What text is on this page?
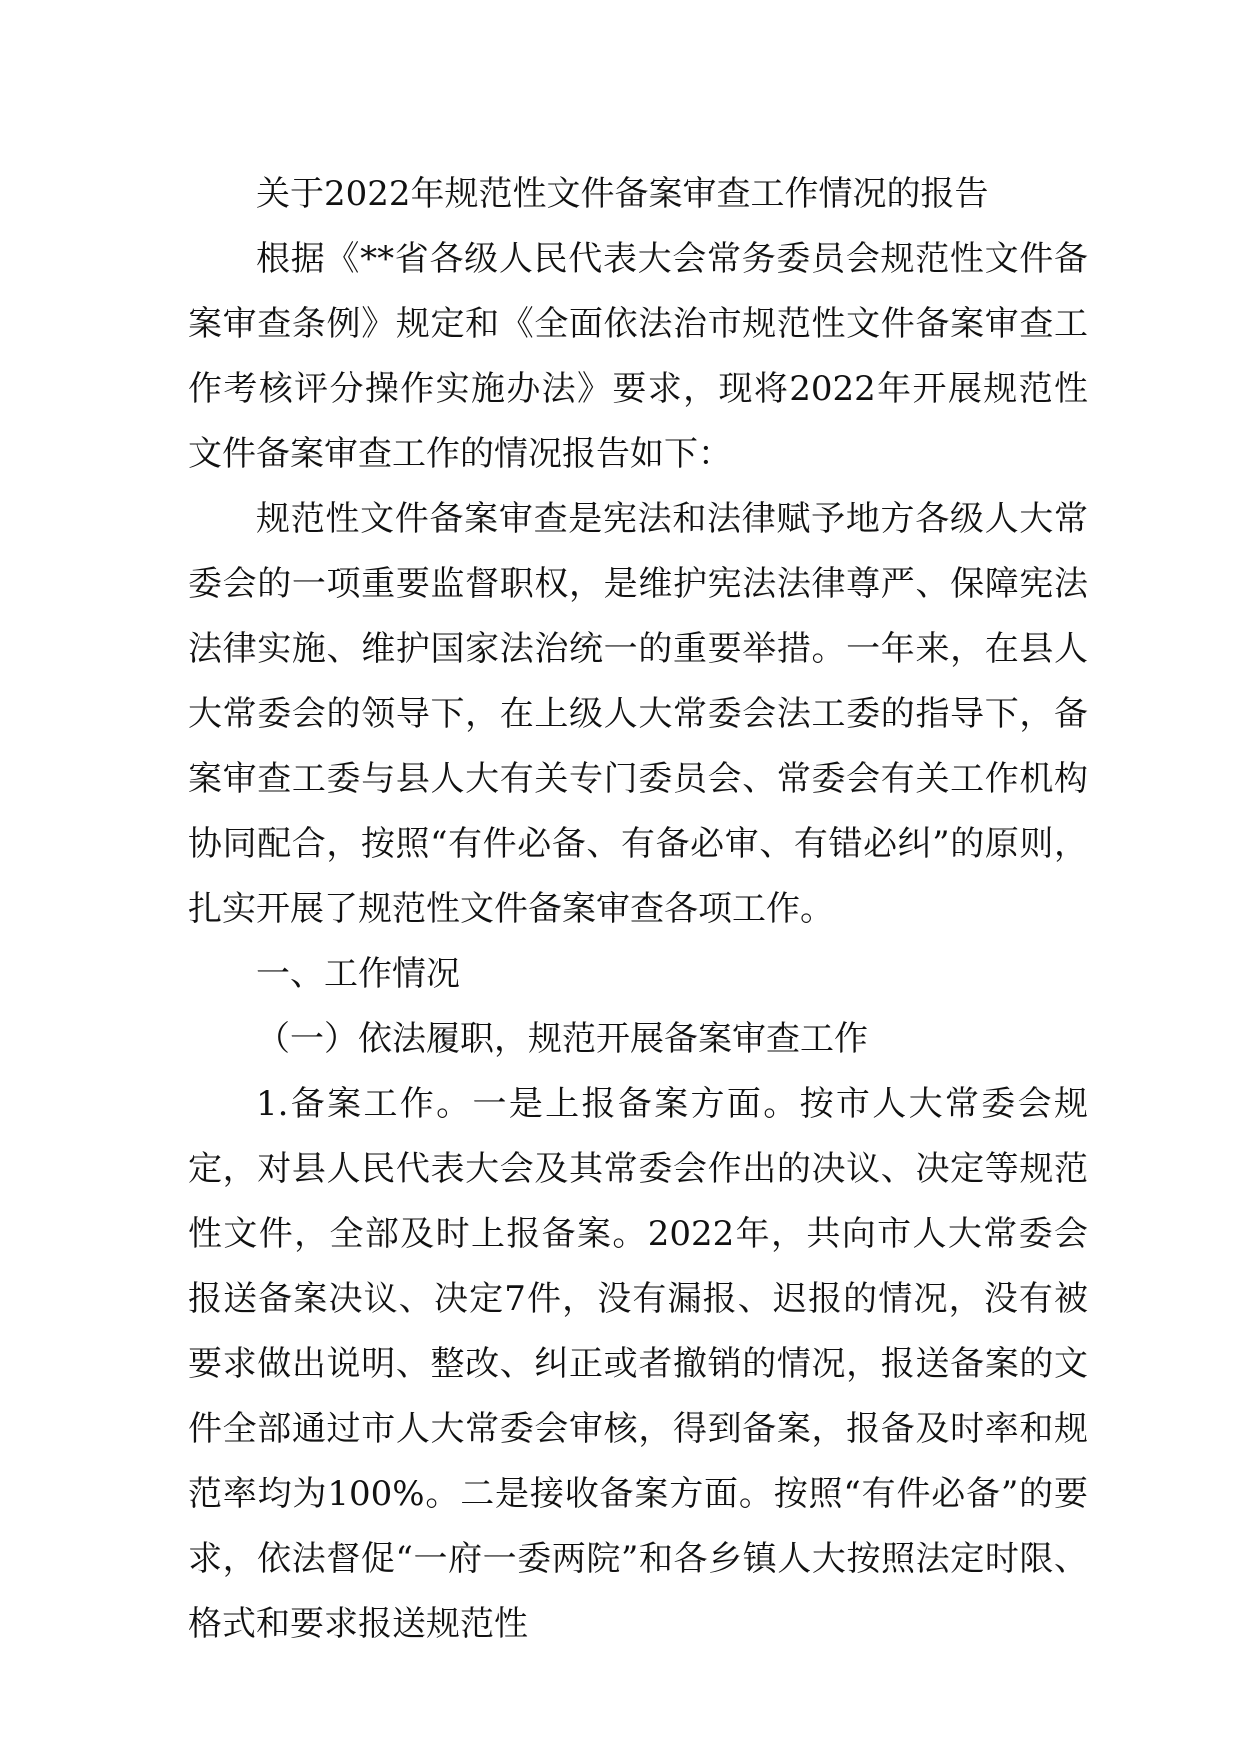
关于2022年规范性文件备案审查工作情况的报告

根据《**省各级人民代表大会常务委员会规范性文件备案审查条例》规定和《全面依法治市规范性文件备案审查工作考核评分操作实施办法》要求，现将2022年开展规范性文件备案审查工作的情况报告如下：

规范性文件备案审查是宪法和法律赋予地方各级人大常委会的一项重要监督职权，是维护宪法法律尊严、保障宪法法律实施、维护国家法治统一的重要举措。一年来，在县人大常委会的领导下，在上级人大常委会法工委的指导下，备案审查工委与县人大有关专门委员会、常委会有关工作机构协同配合，按照“有件必备、有备必审、有错必纠”的原则，扎实开展了规范性文件备案审查各项工作。

一、工作情况

（一）依法履职，规范开展备案审查工作

1.备案工作。一是上报备案方面。按市人大常委会规定，对县人民代表大会及其常委会作出的决议、决定等规范性文件，全部及时上报备案。2022年，共向市人大常委会报送备案决议、决定7件，没有漏报、迟报的情况，没有被要求做出说明、整改、纠正或者撤销的情况，报送备案的文件全部通过市人大常委会审核，得到备案，报备及时率和规范率均为100%。二是接收备案方面。按照“有件必备”的要求，依法督促“一府一委两院”和各乡镇人大按照法定时限、格式和要求报送规范性
